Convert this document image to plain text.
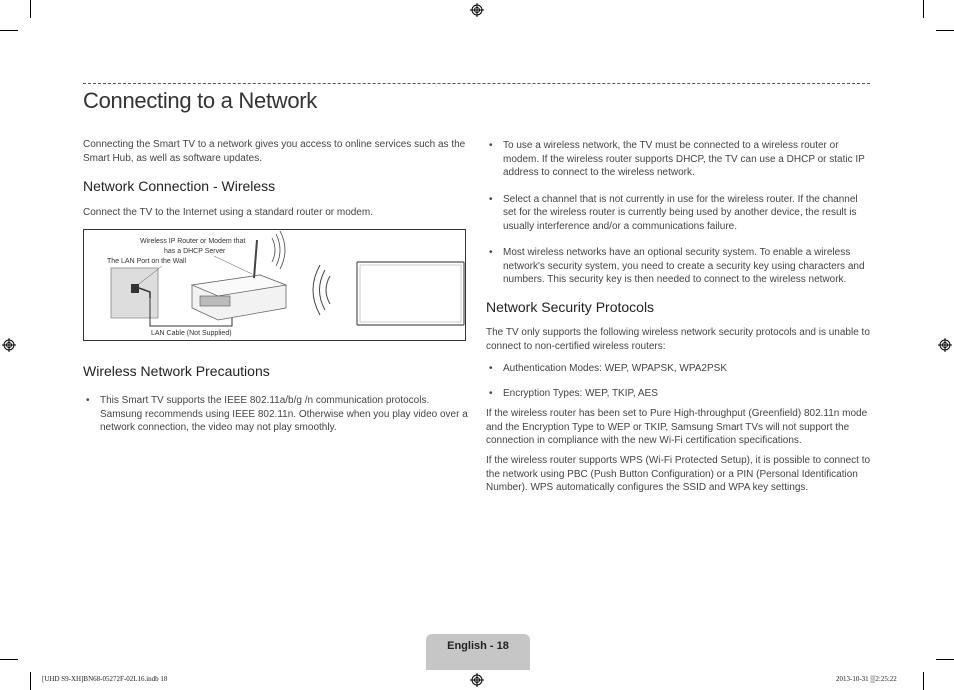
Connecting to a Network
Connecting the Smart TV to a network gives you access to online services such as the Smart Hub, as well as software updates.
Network Connection - Wireless
Connect the TV to the Internet using a standard router or modem.
Wireless IP Router or Modem that
has a DHCP Server
The LAN Port on the Wall
LAN Cable (Not Supplied)
Wireless Network Precautions
• This Smart TV supports the IEEE 802.11a/b/g /n communication protocols. Samsung recommends using IEEE 802.11n. Otherwise when you play video over a network connection, the video may not play smoothly.
• To use a wireless network, the TV must be connected to a wireless router or modem. If the wireless router supports DHCP, the TV can use a DHCP or static IP address to connect to the wireless network.
• Select a channel that is not currently in use for the wireless router. If the channel set for the wireless router is currently being used by another device, the result is usually interference and/or a communications failure.
• Most wireless networks have an optional security system. To enable a wireless network's security system, you need to create a security key using characters and numbers. This security key is then needed to connect to the wireless network.
Network Security Protocols
The TV only supports the following wireless network security protocols and is unable to connect to non-certified wireless routers:
• Authentication Modes: WEP, WPAPSK, WPA2PSK
• Encryption Types: WEP, TKIP, AES
If the wireless router has been set to Pure High-throughput (Greenfield) 802.11n mode and the Encryption Type to WEP or TKIP, Samsung Smart TVs will not support the connection in compliance with the new Wi-Fi certification specifications.
If the wireless router supports WPS (Wi-Fi Protected Setup), it is possible to connect to the network using PBC (Push Button Configuration) or a PIN (Personal Identification Number). WPS automatically configures the SSID and WPA key settings.
English - 18
[UHD S9-XH]BN68-05272F-02L16.indb 18	2013-10-31 ▒2:25:22
